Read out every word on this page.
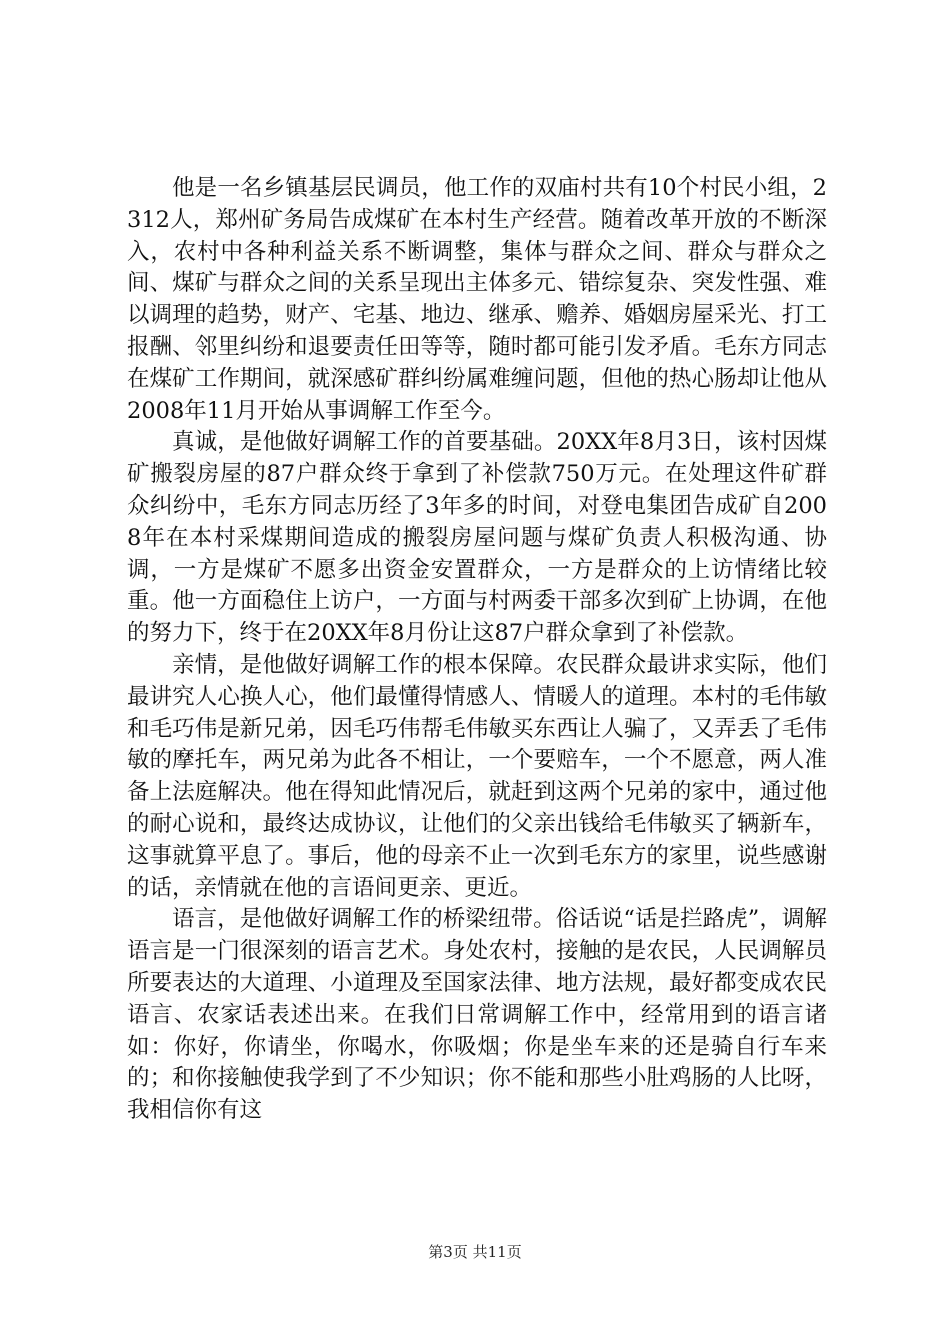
他是一名乡镇基层民调员，他工作的双庙村共有10个村民小组，2312人，郑州矿务局告成煤矿在本村生产经营。随着改革开放的不断深入，农村中各种利益关系不断调整，集体与群众之间、群众与群众之间、煤矿与群众之间的关系呈现出主体多元、错综复杂、突发性强、难以调理的趋势，财产、宅基、地边、继承、赡养、婚姻房屋采光、打工报酬、邻里纠纷和退要责任田等等，随时都可能引发矛盾。毛东方同志在煤矿工作期间，就深感矿群纠纷属难缠问题，但他的热心肠却让他从2008年11月开始从事调解工作至今。

真诚，是他做好调解工作的首要基础。20XX年8月3日，该村因煤矿搬裂房屋的87户群众终于拿到了补偿款750万元。在处理这件矿群众纠纷中，毛东方同志历经了3年多的时间，对登电集团告成矿自2008年在本村采煤期间造成的搬裂房屋问题与煤矿负责人积极沟通、协调，一方是煤矿不愿多出资金安置群众，一方是群众的上访情绪比较重。他一方面稳住上访户，一方面与村两委干部多次到矿上协调，在他的努力下，终于在20XX年8月份让这87户群众拿到了补偿款。

亲情，是他做好调解工作的根本保障。农民群众最讲求实际，他们最讲究人心换人心，他们最懂得情感人、情暖人的道理。本村的毛伟敏和毛巧伟是新兄弟，因毛巧伟帮毛伟敏买东西让人骗了，又弄丢了毛伟敏的摩托车，两兄弟为此各不相让，一个要赔车，一个不愿意，两人准备上法庭解决。他在得知此情况后，就赶到这两个兄弟的家中，通过他的耐心说和，最终达成协议，让他们的父亲出钱给毛伟敏买了辆新车，这事就算平息了。事后，他的母亲不止一次到毛东方的家里，说些感谢的话，亲情就在他的言语间更亲、更近。

语言，是他做好调解工作的桥梁纽带。俗话说“话是拦路虎”，调解语言是一门很深刻的语言艺术。身处农村，接触的是农民，人民调解员所要表达的大道理、小道理及至国家法律、地方法规，最好都变成农民语言、农家话表述出来。在我们日常调解工作中，经常用到的语言诸如：你好，你请坐，你喝水，你吸烟；你是坐车来的还是骑自行车来的；和你接触使我学到了不少知识；你不能和那些小肚鸡肠的人比呀，我相信你有这

第3页 共11页
